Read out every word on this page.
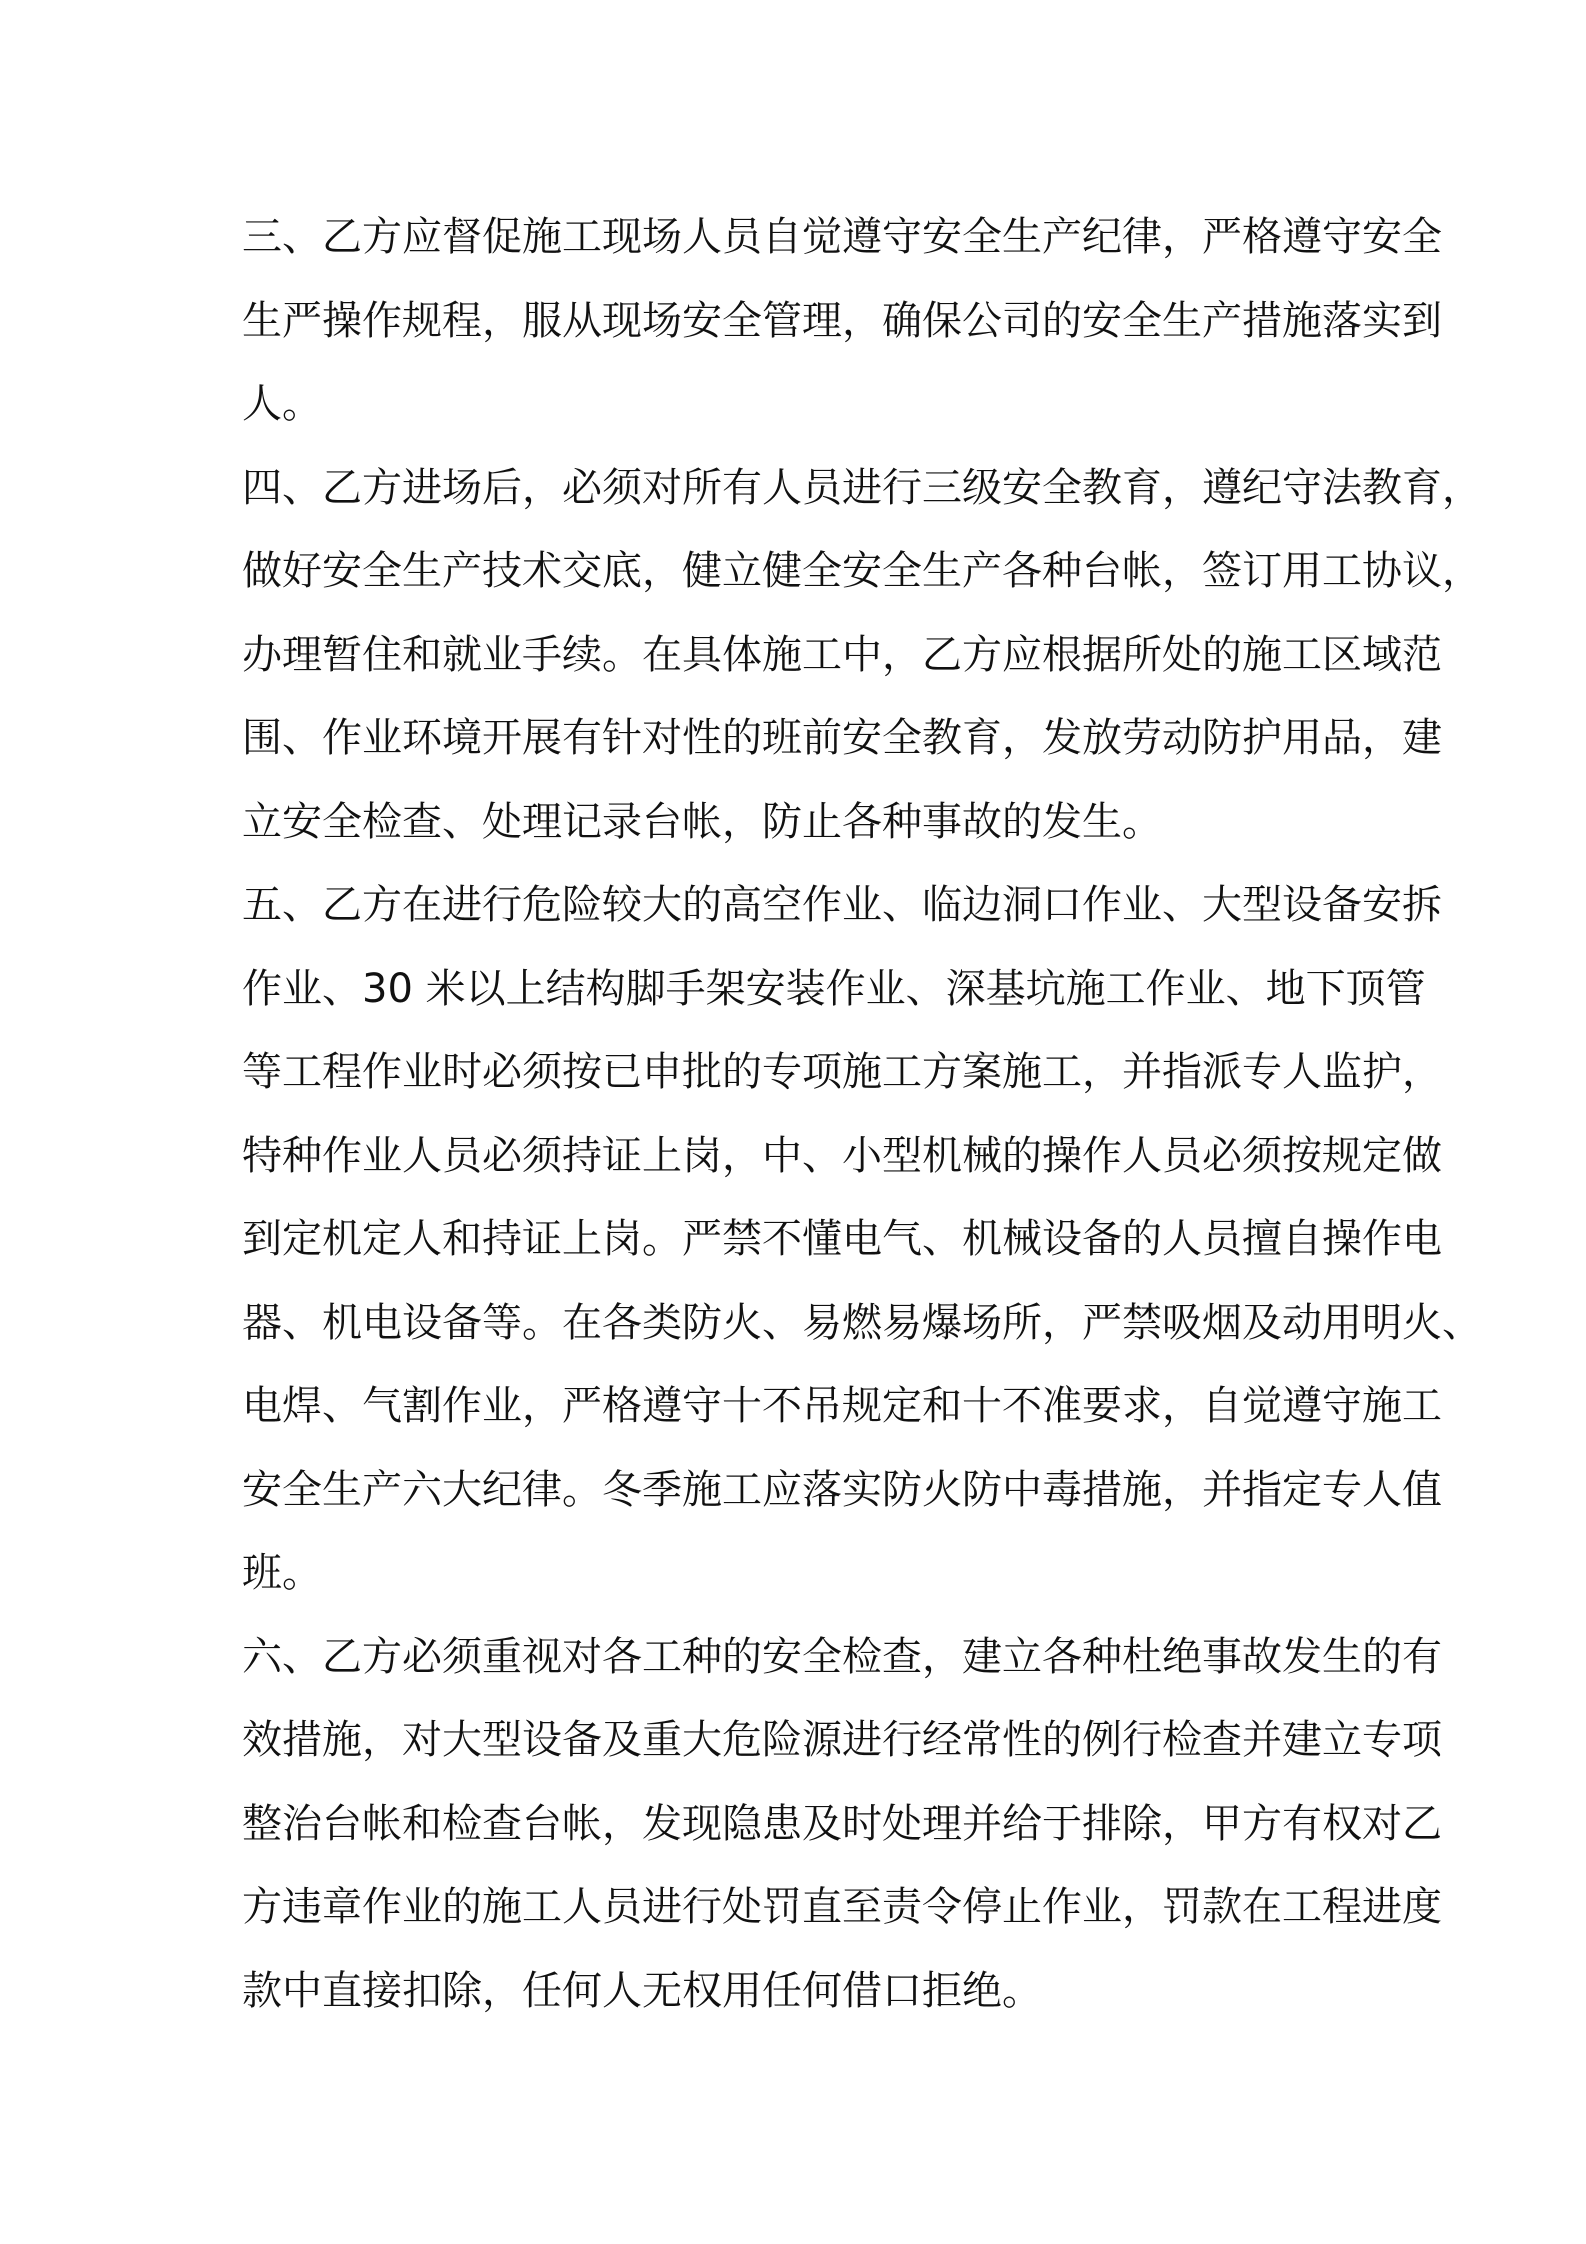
三、乙方应督促施工现场人员自觉遵守安全生产纪律，严格遵守安全
生严操作规程，服从现场安全管理，确保公司的安全生产措施落实到
人。
四、乙方进场后，必须对所有人员进行三级安全教育，遵纪守法教育，
做好安全生产技术交底，健立健全安全生产各种台帐，签订用工协议，
办理暂住和就业手续。在具体施工中，乙方应根据所处的施工区域范
围、作业环境开展有针对性的班前安全教育，发放劳动防护用品，建
立安全检查、处理记录台帐，防止各种事故的发生。
五、乙方在进行危险较大的高空作业、临边洞口作业、大型设备安拆
作业、30 米以上结构脚手架安装作业、深基坑施工作业、地下顶管
等工程作业时必须按已申批的专项施工方案施工，并指派专人监护，
特种作业人员必须持证上岗，中、小型机械的操作人员必须按规定做
到定机定人和持证上岗。严禁不懂电气、机械设备的人员擅自操作电
器、机电设备等。在各类防火、易燃易爆场所，严禁吸烟及动用明火、
电焊、气割作业，严格遵守十不吊规定和十不准要求，自觉遵守施工
安全生产六大纪律。冬季施工应落实防火防中毒措施，并指定专人值
班。
六、乙方必须重视对各工种的安全检查，建立各种杜绝事故发生的有
效措施，对大型设备及重大危险源进行经常性的例行检查并建立专项
整治台帐和检查台帐，发现隐患及时处理并给于排除，甲方有权对乙
方违章作业的施工人员进行处罚直至责令停止作业，罚款在工程进度
款中直接扣除，任何人无权用任何借口拒绝。
